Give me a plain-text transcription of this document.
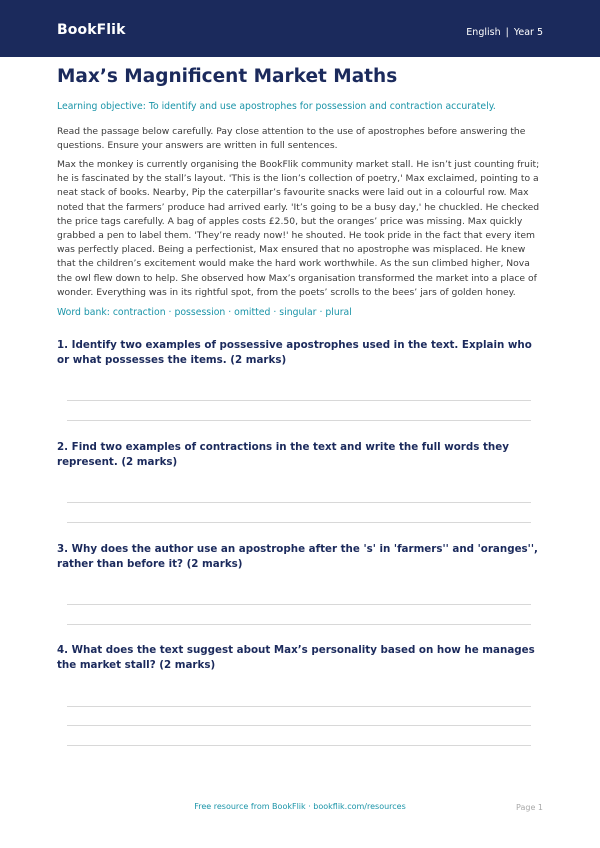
BookFlik	English | Year 5
Max’s Magnificent Market Maths

Learning objective: To identify and use apostrophes for possession and contraction accurately.

Read the passage below carefully. Pay close attention to the use of apostrophes before answering the questions. Ensure your answers are written in full sentences.

Max the monkey is currently organising the BookFlik community market stall. He isn’t just counting fruit; he is fascinated by the stall’s layout. 'This is the lion’s collection of poetry,' Max exclaimed, pointing to a neat stack of books. Nearby, Pip the caterpillar’s favourite snacks were laid out in a colourful row. Max noted that the farmers’ produce had arrived early. 'It’s going to be a busy day,' he chuckled. He checked the price tags carefully. A bag of apples costs £2.50, but the oranges’ price was missing. Max quickly grabbed a pen to label them. 'They’re ready now!' he shouted. He took pride in the fact that every item was perfectly placed. Being a perfectionist, Max ensured that no apostrophe was misplaced. He knew that the children’s excitement would make the hard work worthwhile. As the sun climbed higher, Nova the owl flew down to help. She observed how Max’s organisation transformed the market into a place of wonder. Everything was in its rightful spot, from the poets’ scrolls to the bees’ jars of golden honey.

Word bank: contraction · possession · omitted · singular · plural

1. Identify two examples of possessive apostrophes used in the text. Explain who or what possesses the items. (2 marks)

2. Find two examples of contractions in the text and write the full words they represent. (2 marks)

3. Why does the author use an apostrophe after the 's' in 'farmers'' and 'oranges'', rather than before it? (2 marks)

4. What does the text suggest about Max’s personality based on how he manages the market stall? (2 marks)

Free resource from BookFlik · bookflik.com/resources	Page 1
